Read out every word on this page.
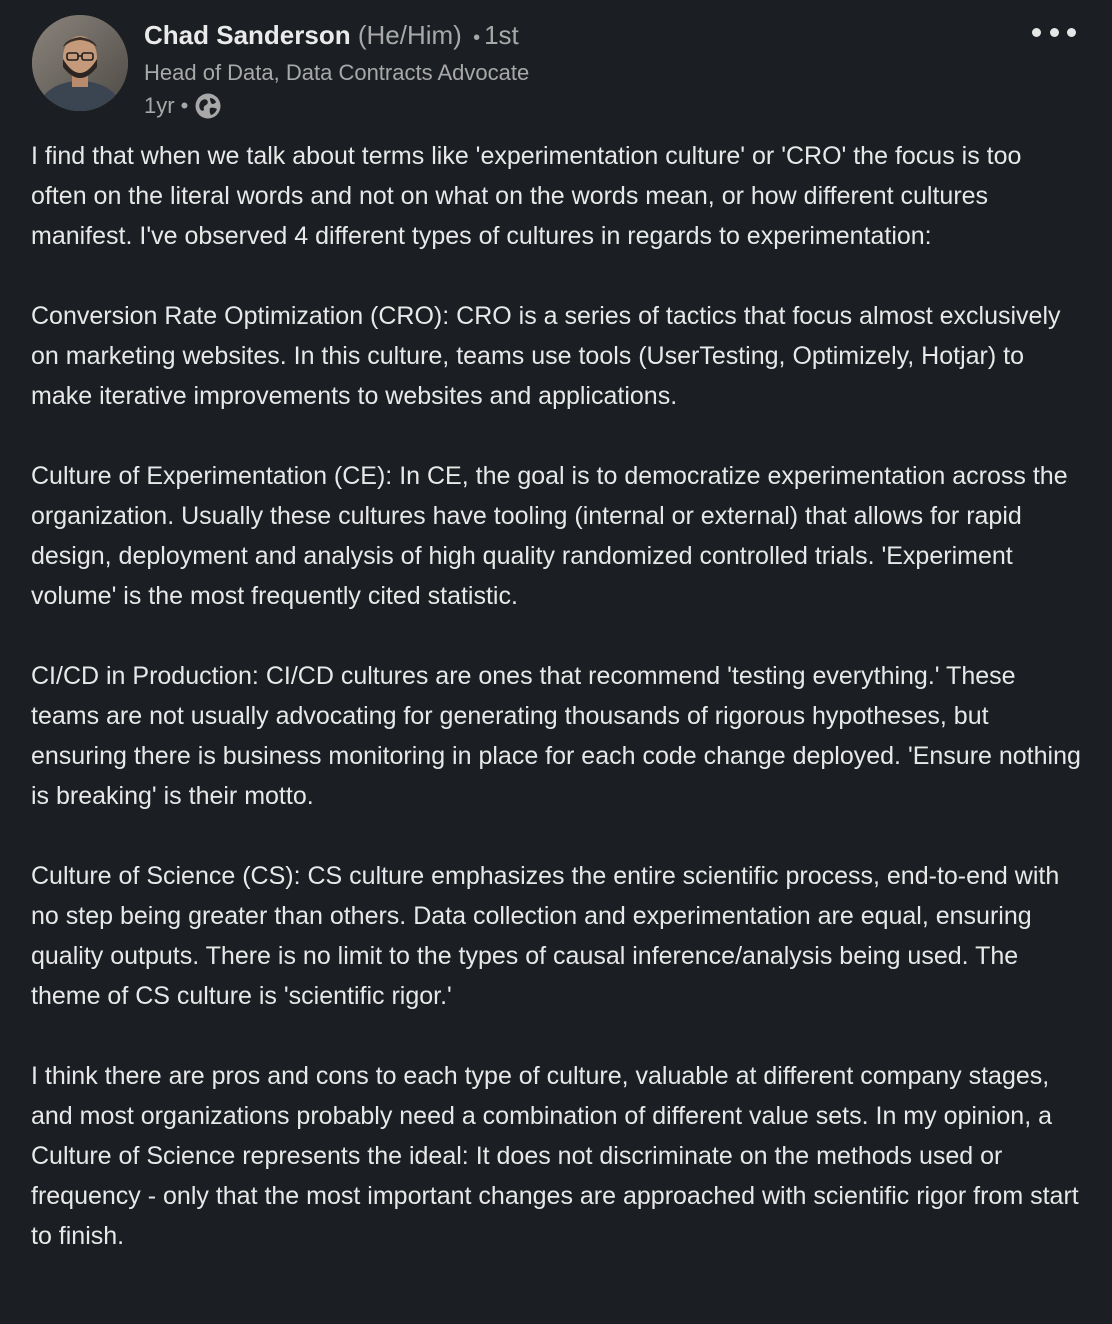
Chad Sanderson (He/Him) • 1st
Head of Data, Data Contracts Advocate
1yr •

I find that when we talk about terms like 'experimentation culture' or 'CRO' the focus is too often on the literal words and not on what on the words mean, or how different cultures manifest. I've observed 4 different types of cultures in regards to experimentation:

Conversion Rate Optimization (CRO): CRO is a series of tactics that focus almost exclusively on marketing websites. In this culture, teams use tools (UserTesting, Optimizely, Hotjar) to make iterative improvements to websites and applications.

Culture of Experimentation (CE): In CE, the goal is to democratize experimentation across the organization. Usually these cultures have tooling (internal or external) that allows for rapid design, deployment and analysis of high quality randomized controlled trials. 'Experiment volume' is the most frequently cited statistic.

CI/CD in Production: CI/CD cultures are ones that recommend 'testing everything.' These teams are not usually advocating for generating thousands of rigorous hypotheses, but ensuring there is business monitoring in place for each code change deployed. 'Ensure nothing is breaking' is their motto.

Culture of Science (CS): CS culture emphasizes the entire scientific process, end-to-end with no step being greater than others. Data collection and experimentation are equal, ensuring quality outputs. There is no limit to the types of causal inference/analysis being used. The theme of CS culture is 'scientific rigor.'

I think there are pros and cons to each type of culture, valuable at different company stages, and most organizations probably need a combination of different value sets. In my opinion, a Culture of Science represents the ideal: It does not discriminate on the methods used or frequency - only that the most important changes are approached with scientific rigor from start to finish.
